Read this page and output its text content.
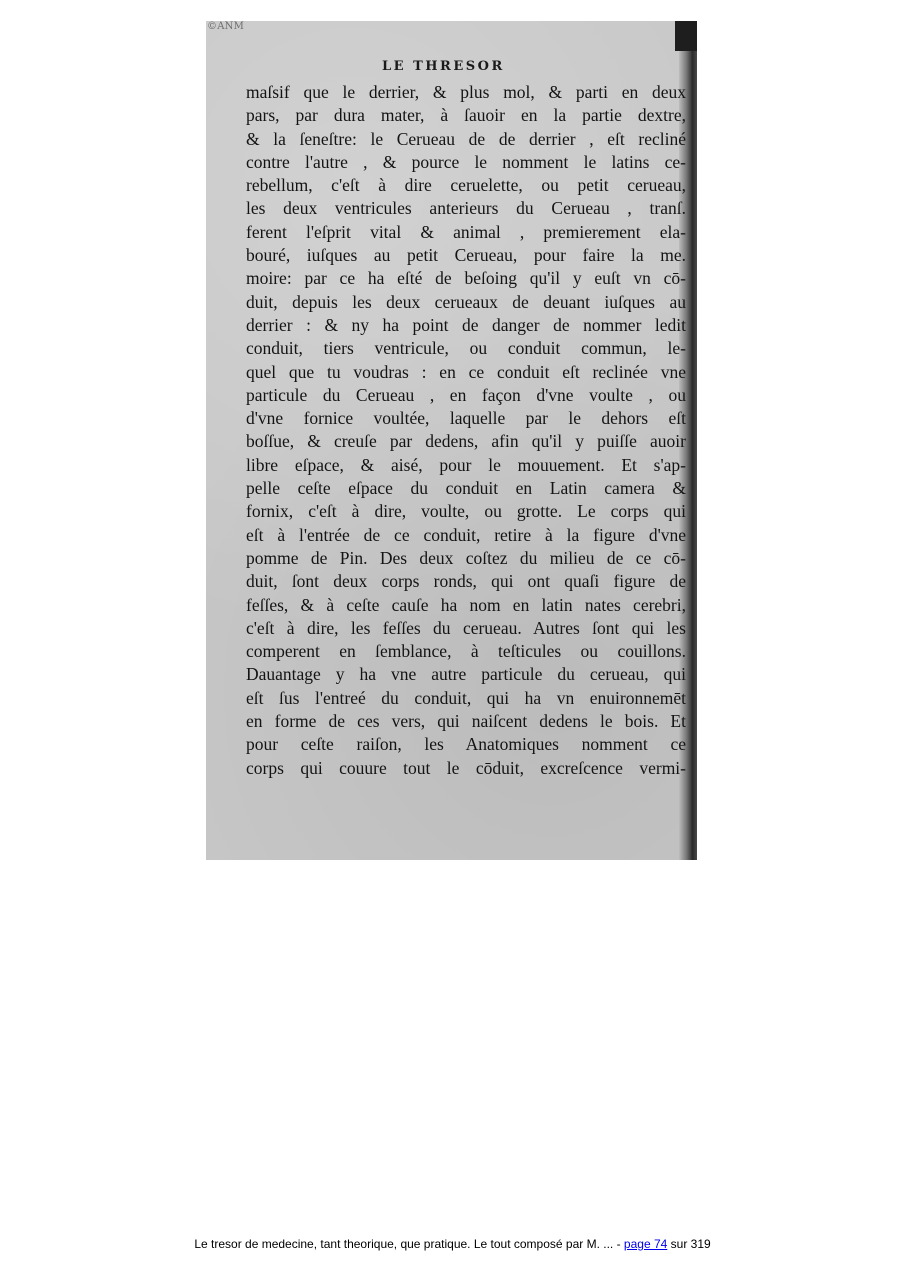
©ANM
LE THRESOR
maſsif que le derrier, & plus mol, & parti en deux
pars, par dura mater, à ſauoir en la partie dextre,
& la ſeneſtre: le Cerueau de de derrier , eſt recliné
contre l'autre , & pource le nomment le latins ce-
rebellum, c'eſt à dire ceruelette, ou petit cerueau,
les deux ventricules anterieurs du Cerueau , tranſ.
ferent l'eſprit vital & animal , premierement ela-
bouré, iuſques au petit Cerueau, pour faire la me.
moire: par ce ha eſté de beſoing qu'il y euſt vn cō-
duit, depuis les deux cerueaux de deuant iuſques au
derrier : & ny ha point de danger de nommer ledit
conduit, tiers ventricule, ou conduit commun, le-
quel que tu voudras : en ce conduit eſt reclinée vne
particule du Cerueau , en façon d'vne voulte , ou
d'vne fornice voultée, laquelle par le dehors eſt
boſſue, & creuſe par dedens, afin qu'il y puiſſe auoir
libre eſpace, & aisé, pour le mouuement. Et s'ap-
pelle ceſte eſpace du conduit en Latin camera &
fornix, c'eſt à dire, voulte, ou grotte. Le corps qui
eſt à l'entrée de ce conduit, retire à la figure d'vne
pomme de Pin. Des deux coſtez du milieu de ce cō-
duit, ſont deux corps ronds, qui ont quaſi figure de
feſſes, & à ceſte cauſe ha nom en latin nates cerebri,
c'eſt à dire, les feſſes du cerueau. Autres ſont qui les
comperent en ſemblance, à teſticules ou couillons.
Dauantage y ha vne autre particule du cerueau, qui
eſt ſus l'entreé du conduit, qui ha vn enuironnemēt
en forme de ces vers, qui naiſcent dedens le bois. Et
pour ceſte raiſon, les Anatomiques nomment ce
corps qui couure tout le cōduit, excreſcence vermi-
Le tresor de medecine, tant theorique, que pratique. Le tout composé par M. ... - page 74 sur 319
